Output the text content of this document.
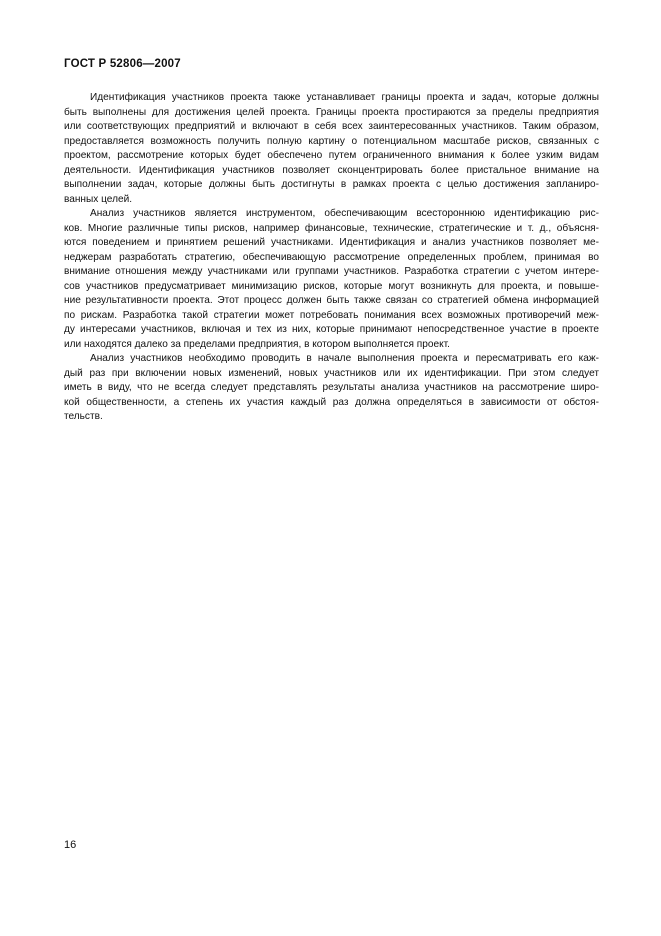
ГОСТ Р 52806—2007

Идентификация участников проекта также устанавливает границы проекта и задач, которые должны
быть выполнены для достижения целей проекта. Границы проекта простираются за пределы предприятия
или соответствующих предприятий и включают в себя всех заинтересованных участников. Таким образом,
предоставляется возможность получить полную картину о потенциальном масштабе рисков, связанных с
проектом, рассмотрение которых будет обеспечено путем ограниченного внимания к более узким видам
деятельности. Идентификация участников позволяет сконцентрировать более пристальное внимание на
выполнении задач, которые должны быть достигнуты в рамках проекта с целью достижения запланиро-
ванных целей.

Анализ участников является инструментом, обеспечивающим всестороннюю идентификацию рис-
ков. Многие различные типы рисков, например финансовые, технические, стратегические и т. д., объясня-
ются поведением и принятием решений участниками. Идентификация и анализ участников позволяет ме-
неджерам разработать стратегию, обеспечивающую рассмотрение определенных проблем, принимая во
внимание отношения между участниками или группами участников. Разработка стратегии с учетом интере-
сов участников предусматривает минимизацию рисков, которые могут возникнуть для проекта, и повыше-
ние результативности проекта. Этот процесс должен быть также связан со стратегией обмена информацией
по рискам. Разработка такой стратегии может потребовать понимания всех возможных противоречий меж-
ду интересами участников, включая и тех из них, которые принимают непосредственное участие в проекте
или находятся далеко за пределами предприятия, в котором выполняется проект.

Анализ участников необходимо проводить в начале выполнения проекта и пересматривать его каж-
дый раз при включении новых изменений, новых участников или их идентификации. При этом следует
иметь в виду, что не всегда следует представлять результаты анализа участников на рассмотрение широ-
кой общественности, а степень их участия каждый раз должна определяться в зависимости от обстоя-
тельств.

16
